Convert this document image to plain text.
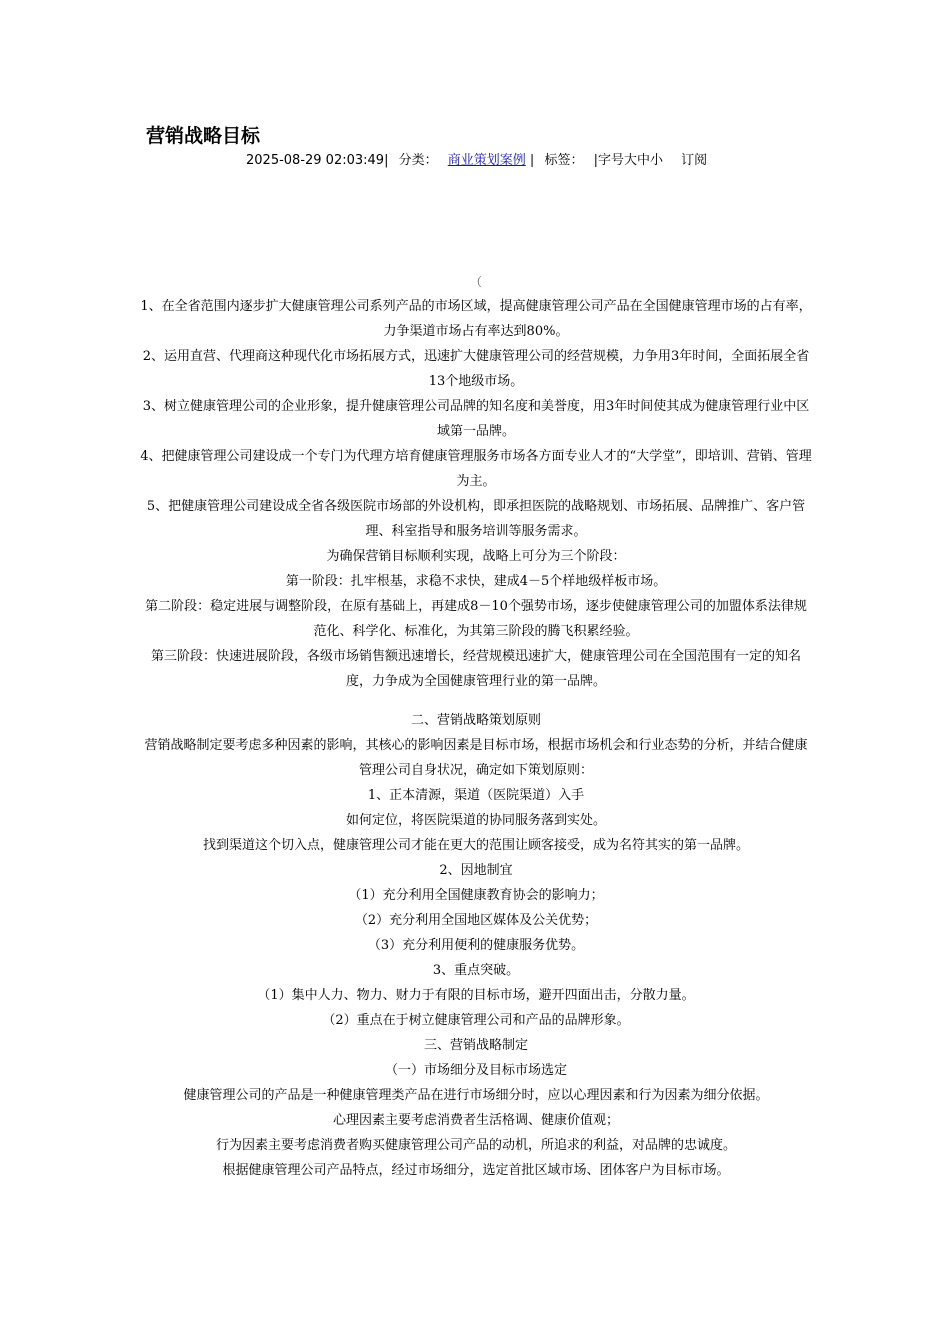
营销战略目标
2025-08-29 02:03:49| 分类： 商业策划案例 | 标签： |字号大中小 订阅
（

1、在全省范围内逐步扩大健康管理公司系列产品的市场区域，提高健康管理公司产品在全国健康管理市场的占有率，力争渠道市场占有率达到80%。

2、运用直营、代理商这种现代化市场拓展方式，迅速扩大健康管理公司的经营规模，力争用3年时间，全面拓展全省13个地级市场。

3、树立健康管理公司的企业形象，提升健康管理公司品牌的知名度和美誉度，用3年时间使其成为健康管理行业中区域第一品牌。

4、把健康管理公司建设成一个专门为代理方培育健康管理服务市场各方面专业人才的“大学堂”，即培训、营销、管理为主。

5、把健康管理公司建设成全省各级医院市场部的外设机构，即承担医院的战略规划、市场拓展、品牌推广、客户管理、科室指导和服务培训等服务需求。

为确保营销目标顺利实现，战略上可分为三个阶段：

第一阶段：扎牢根基，求稳不求快，建成4－5个样地级样板市场。

第二阶段：稳定进展与调整阶段，在原有基础上，再建成8－10个强势市场，逐步使健康管理公司的加盟体系法律规范化、科学化、标准化，为其第三阶段的腾飞积累经验。

第三阶段：快速进展阶段，各级市场销售额迅速增长，经营规模迅速扩大，健康管理公司在全国范围有一定的知名度，力争成为全国健康管理行业的第一品牌。

二、营销战略策划原则

营销战略制定要考虑多种因素的影响，其核心的影响因素是目标市场，根据市场机会和行业态势的分析，并结合健康管理公司自身状况，确定如下策划原则：

1、正本清源，渠道（医院渠道）入手

如何定位，将医院渠道的协同服务落到实处。

找到渠道这个切入点，健康管理公司才能在更大的范围让顾客接受，成为名符其实的第一品牌。

2、因地制宜

（1）充分利用全国健康教育协会的影响力；

（2）充分利用全国地区媒体及公关优势；

（3）充分利用便利的健康服务优势。

3、重点突破。

（1）集中人力、物力、财力于有限的目标市场，避开四面出击，分散力量。

（2）重点在于树立健康管理公司和产品的品牌形象。

三、营销战略制定

（一）市场细分及目标市场选定

健康管理公司的产品是一种健康管理类产品在进行市场细分时，应以心理因素和行为因素为细分依据。

心理因素主要考虑消费者生活格调、健康价值观；

行为因素主要考虑消费者购买健康管理公司产品的动机，所追求的利益，对品牌的忠诚度。

根据健康管理公司产品特点，经过市场细分，选定首批区域市场、团体客户为目标市场。
